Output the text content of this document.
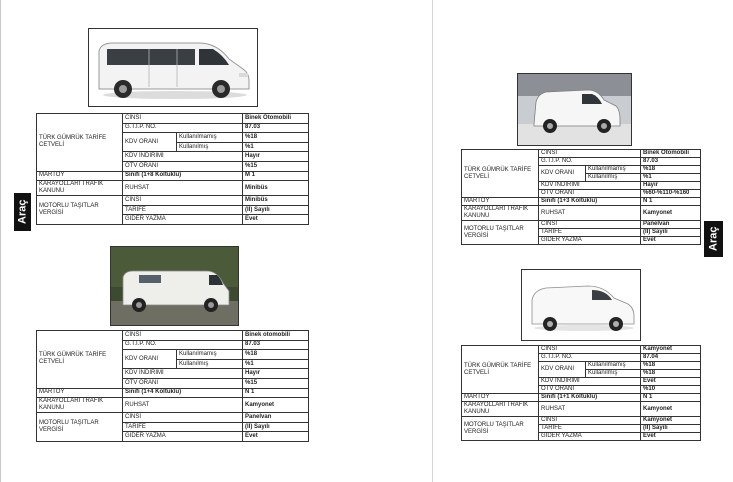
Araç
Araç
TÜRK GÜMRÜK TARİFE CETVELİ	CİNSİ		Binek Otomobili
	G.T.İ.P. NO.		87.03
	KDV ORANI	Kullanılmamış	%18
		Kullanılmış	%1
	KDV İNDİRİMİ		Hayır
	ÖTV ORANI		%15
MARTOY	Sınıfı (1+8 Koltuklu)		M 1
KARAYOLLARI TRAFİK KANUNU	RUHSAT		Minibüs
MOTORLU TAŞITLAR VERGİSİ	CİNSİ		Minibüs
	TARİFE		(II) Sayılı
	GİDER YAZMA		Evet
TÜRK GÜMRÜK TARİFE CETVELİ	CİNSİ		Binek otomobili
	G.T.İ.P. NO.		87.03
	KDV ORANI	Kullanılmamış	%18
		Kullanılmış	%1
	KDV İNDİRİMİ		Hayır
	ÖTV ORANI		%15
MARTOY	Sınıfı (1+4 Koltuklu)		N 1
KARAYOLLARI TRAFİK KANUNU	RUHSAT		Kamyonet
MOTORLU TAŞITLAR VERGİSİ	CİNSİ		Panelvan
	TARİFE		(II) Sayılı
	GİDER YAZMA		Evet
TÜRK GÜMRÜK TARİFE CETVELİ	CİNSİ		Binek Otomobili
	G.T.İ.P. NO.		87.03
	KDV ORANI	Kullanılmamış	%18
		Kullanılmış	%1
	KDV İNDİRİMİ		Hayır
	ÖTV ORANI		%60-%110-%160
MARTOY	Sınıfı (1+3 Koltuklu)		N 1
KARAYOLLARI TRAFİK KANUNU	RUHSAT		Kamyonet
MOTORLU TAŞITLAR VERGİSİ	CİNSİ		Panelvan
	TARİFE		(II) Sayılı
	GİDER YAZMA		Evet
TÜRK GÜMRÜK TARİFE CETVELİ	CİNSİ		Kamyonet
	G.T.İ.P. NO.		87.04
	KDV ORANI	Kullanılmamış	%18
		Kullanılmış	%18
	KDV İNDİRİMİ		Evet
	ÖTV ORANI		%10
MARTOY	Sınıfı (1+1 Koltuklu)		N 1
KARAYOLLARI TRAFİK KANUNU	RUHSAT		Kamyonet
MOTORLU TAŞITLAR VERGİSİ	CİNSİ		Kamyonet
	TARİFE		(II) Sayılı
	GİDER YAZMA		Evet
